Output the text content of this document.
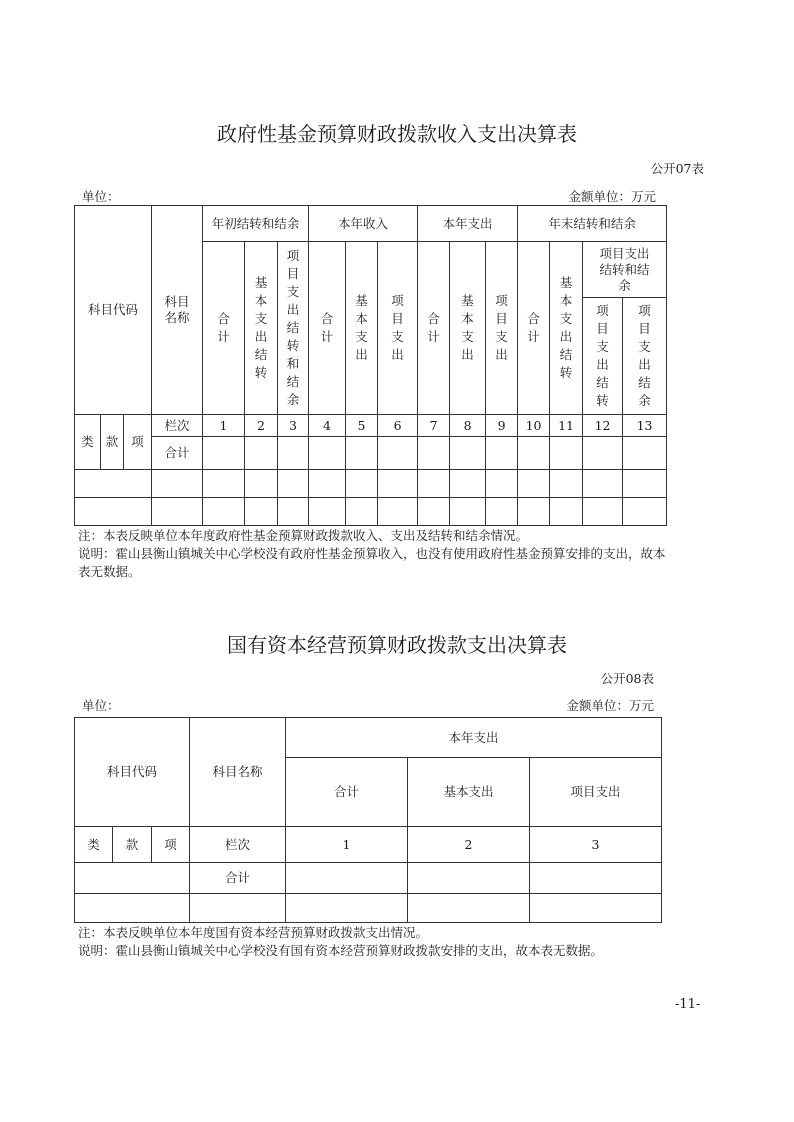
政府性基金预算财政拨款收入支出决算表
公开07表
单位：	金额单位：万元
科目代码			科目名称	年初结转和结余			本年收入			本年支出			年末结转和结余			
				合计	基本支出结转	项目支出结转和结余	合计	基本支出	项目支出	合计	基本支出	项目支出	合计	基本支出结转	项目支出结转和结余	
															项目支出结转	项目支出结余
类	款	项	栏次	1	2	3	4	5	6	7	8	9	10	11	12	13
			合计													

注：本表反映单位本年度政府性基金预算财政拨款收入、支出及结转和结余情况。
说明：霍山县衡山镇城关中心学校没有政府性基金预算收入，也没有使用政府性基金预算安排的支出，故本表无数据。
国有资本经营预算财政拨款支出决算表
公开08表
单位：	金额单位：万元
科目代码			科目名称	本年支出		
				合计	基本支出	项目支出
类	款	项	栏次	1	2	3
			合计			

注：本表反映单位本年度国有资本经营预算财政拨款支出情况。
说明：霍山县衡山镇城关中心学校没有国有资本经营预算财政拨款安排的支出，故本表无数据。
-11-
